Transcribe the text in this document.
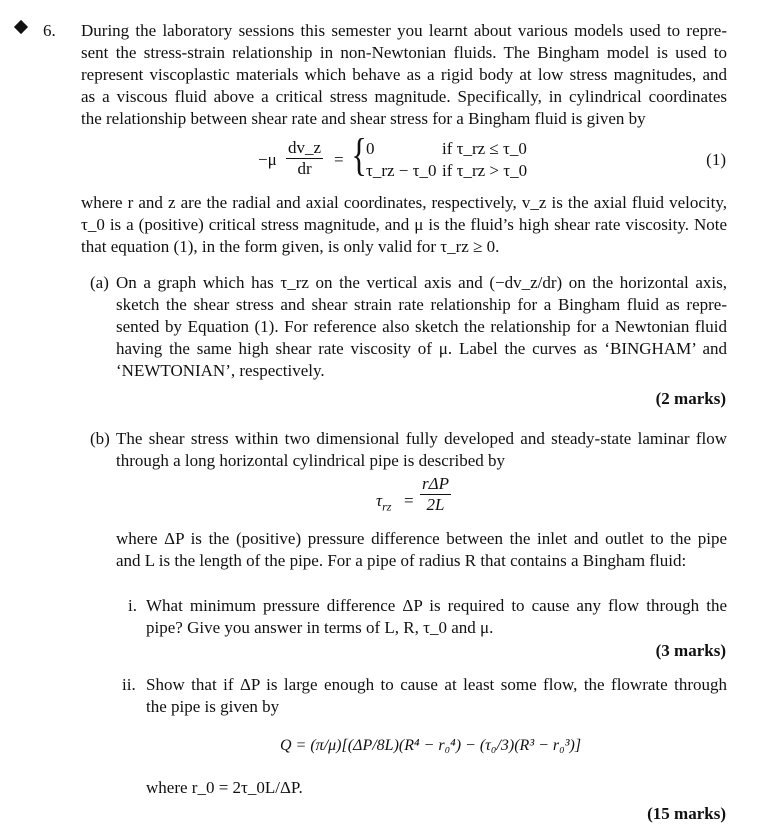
6. During the laboratory sessions this semester you learnt about various models used to repre-
sent the stress-strain relationship in non-Newtonian fluids. The Bingham model is used to
represent viscoplastic materials which behave as a rigid body at low stress magnitudes, and
as a viscous fluid above a critical stress magnitude. Specifically, in cylindrical coordinates
the relationship between shear rate and shear stress for a Bingham fluid is given by
$-\mu \frac{dv\_z}{dr}$ = { 0	if τ_rz ≤ τ_0
τ_rz − τ_0 if τ_rz > τ_0
(1)
where r and z are the radial and axial coordinates, respectively, v_z is the axial fluid velocity,
τ_0 is a (positive) critical stress magnitude, and μ is the fluid’s high shear rate viscosity. Note
that equation (1), in the form given, is only valid for τ_rz ≥ 0.
(a) On a graph which has τ_rz on the vertical axis and (−dv_z/dr) on the horizontal axis,
sketch the shear stress and shear strain rate relationship for a Bingham fluid as repre-
sented by Equation (1). For reference also sketch the relationship for a Newtonian fluid
having the same high shear rate viscosity of μ. Label the curves as ‘BINGHAM’ and
‘NEWTONIAN’, respectively.
(2 marks)
(b) The shear stress within two dimensional fully developed and steady-state laminar flow
through a long horizontal cylindrical pipe is described by
$\tau_{rz} = \frac{\text{rΔP}}{2L}$
where ΔP is the (positive) pressure difference between the inlet and outlet to the pipe
and L is the length of the pipe. For a pipe of radius R that contains a Bingham fluid:
i. What minimum pressure difference ΔP is required to cause any flow through the
pipe? Give you answer in terms of L, R, τ_0 and μ.
(3 marks)
ii. Show that if ΔP is large enough to cause at least some flow, the flowrate through
the pipe is given by
Q = (π/μ)[(ΔP/8L)(R⁴ − r₀⁴) − (τ₀/3)(R³ − r₀³)]
where r_0 = 2τ_0L/ΔP.
(15 marks)
